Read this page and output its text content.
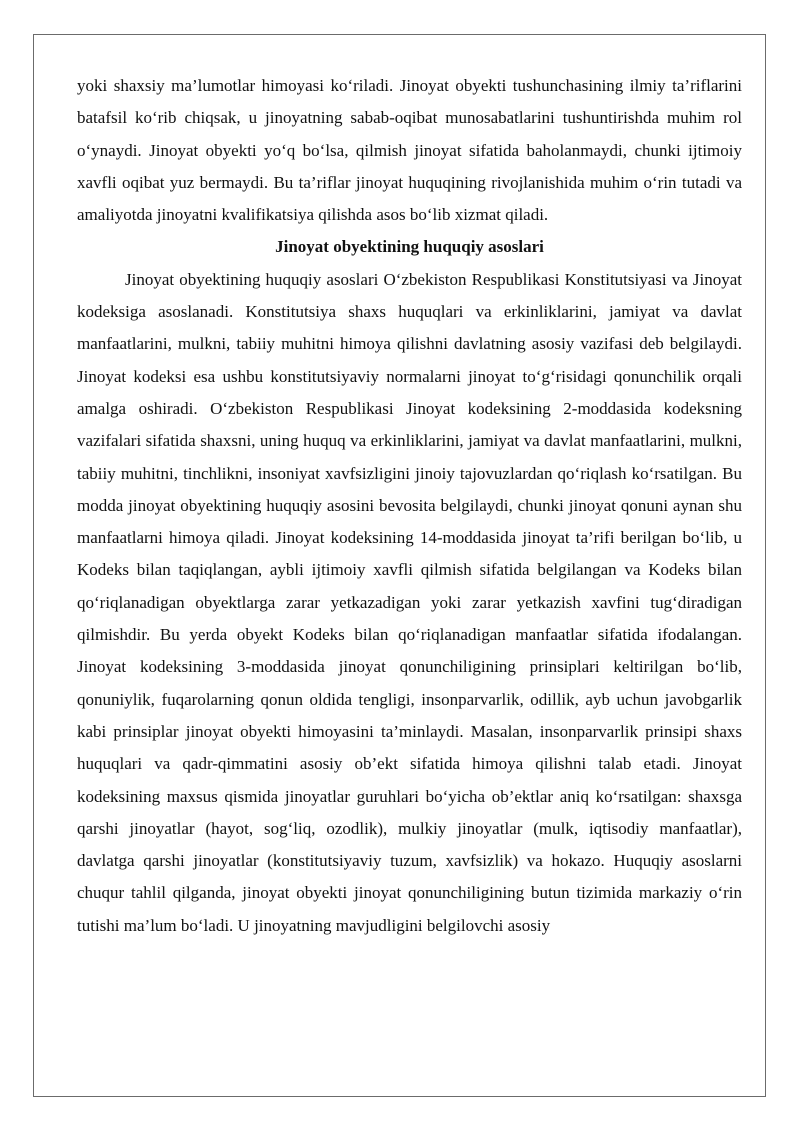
yoki shaxsiy ma’lumotlar himoyasi ko‘riladi. Jinoyat obyekti tushunchasining ilmiy ta’riflarini batafsil ko‘rib chiqsak, u jinoyatning sabab-oqibat munosabatlarini tushuntirishda muhim rol o‘ynaydi. Jinoyat obyekti yo‘q bo‘lsa, qilmish jinoyat sifatida baholanmaydi, chunki ijtimoiy xavfli oqibat yuz bermaydi. Bu ta’riflar jinoyat huquqining rivojlanishida muhim o‘rin tutadi va amaliyotda jinoyatni kvalifikatsiya qilishda asos bo‘lib xizmat qiladi.

Jinoyat obyektining huquqiy asoslari

Jinoyat obyektining huquqiy asoslari O‘zbekiston Respublikasi Konstitutsiyasi va Jinoyat kodeksiga asoslanadi. Konstitutsiya shaxs huquqlari va erkinliklarini, jamiyat va davlat manfaatlarini, mulkni, tabiiy muhitni himoya qilishni davlatning asosiy vazifasi deb belgilaydi. Jinoyat kodeksi esa ushbu konstitutsiyaviy normalarni jinoyat to‘g‘risidagi qonunchilik orqali amalga oshiradi. O‘zbekiston Respublikasi Jinoyat kodeksining 2-moddasida kodeksning vazifalari sifatida shaxsni, uning huquq va erkinliklarini, jamiyat va davlat manfaatlarini, mulkni, tabiiy muhitni, tinchlikni, insoniyat xavfsizligini jinoiy tajovuzlardan qo‘riqlash ko‘rsatilgan. Bu modda jinoyat obyektining huquqiy asosini bevosita belgilaydi, chunki jinoyat qonuni aynan shu manfaatlarni himoya qiladi. Jinoyat kodeksining 14-moddasida jinoyat ta’rifi berilgan bo‘lib, u Kodeks bilan taqiqlangan, aybli ijtimoiy xavfli qilmish sifatida belgilangan va Kodeks bilan qo‘riqlanadigan obyektlarga zarar yetkazadigan yoki zarar yetkazish xavfini tug‘diradigan qilmishdir. Bu yerda obyekt Kodeks bilan qo‘riqlanadigan manfaatlar sifatida ifodalangan. Jinoyat kodeksining 3-moddasida jinoyat qonunchiligining prinsiplari keltirilgan bo‘lib, qonuniylik, fuqarolarning qonun oldida tengligi, insonparvarlik, odillik, ayb uchun javobgarlik kabi prinsiplar jinoyat obyekti himoyasini ta’minlaydi. Masalan, insonparvarlik prinsipi shaxs huquqlari va qadr-qimmatini asosiy ob’ekt sifatida himoya qilishni talab etadi. Jinoyat kodeksining maxsus qismida jinoyatlar guruhlari bo‘yicha ob’ektlar aniq ko‘rsatilgan: shaxsga qarshi jinoyatlar (hayot, sog‘liq, ozodlik), mulkiy jinoyatlar (mulk, iqtisodiy manfaatlar), davlatga qarshi jinoyatlar (konstitutsiyaviy tuzum, xavfsizlik) va hokazo. Huquqiy asoslarni chuqur tahlil qilganda, jinoyat obyekti jinoyat qonunchiligining butun tizimida markaziy o‘rin tutishi ma’lum bo‘ladi. U jinoyatning mavjudligini belgilovchi asosiy
